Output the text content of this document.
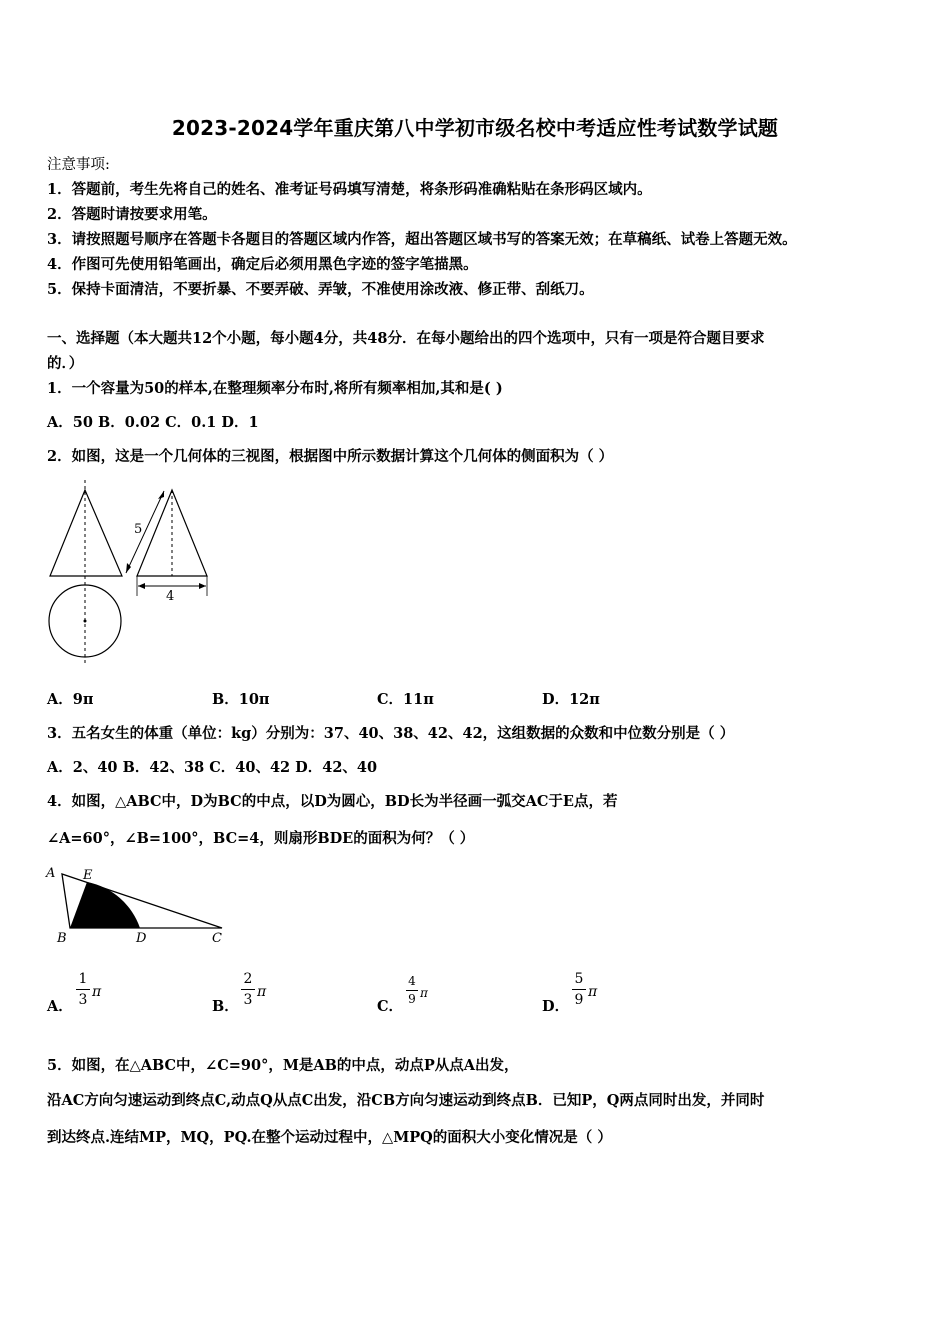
2023-2024学年重庆第八中学初市级名校中考适应性考试数学试题
注意事项:
1．答题前，考生先将自己的姓名、准考证号码填写清楚，将条形码准确粘贴在条形码区域内。
2．答题时请按要求用笔。
3．请按照题号顺序在答题卡各题目的答题区域内作答，超出答题区域书写的答案无效；在草稿纸、试卷上答题无效。
4．作图可先使用铅笔画出，确定后必须用黑色字迹的签字笔描黑。
5．保持卡面清洁，不要折暴、不要弄破、弄皱，不准使用涂改液、修正带、刮纸刀。
一、选择题（本大题共12个小题，每小题4分，共48分．在每小题给出的四个选项中，只有一项是符合题目要求
的．）
1．一个容量为50的样本,在整理频率分布时,将所有频率相加,其和是( )
A．50 B．0.02 C．0.1 D．1
2．如图，这是一个几何体的三视图，根据图中所示数据计算这个几何体的侧面积为（ ）
5
4
A．9π	B．10π	C．11π	D．12π
3．五名女生的体重（单位：kg）分别为：37、40、38、42、42，这组数据的众数和中位数分别是（ ）
A．2、40 B．42、38 C．40、42 D．42、40
4．如图，△ABC中，D为BC的中点，以D为圆心，BD长为半径画一弧交AC于E点，若
∠A=60°，∠B=100°，BC=4，则扇形BDE的面积为何？（ ）
A E
B	D	C
A．
1
3 π
B．
2
3 π
C．
4
9 π
D．
5
9 π
5．如图，在△ABC中，∠C=90°，M是AB的中点，动点P从点A出发，
沿AC方向匀速运动到终点C,动点Q从点C出发，沿CB方向匀速运动到终点B．已知P，Q两点同时出发，并同时
到达终点.连结MP，MQ，PQ.在整个运动过程中，△MPQ的面积大小变化情况是（ ）
